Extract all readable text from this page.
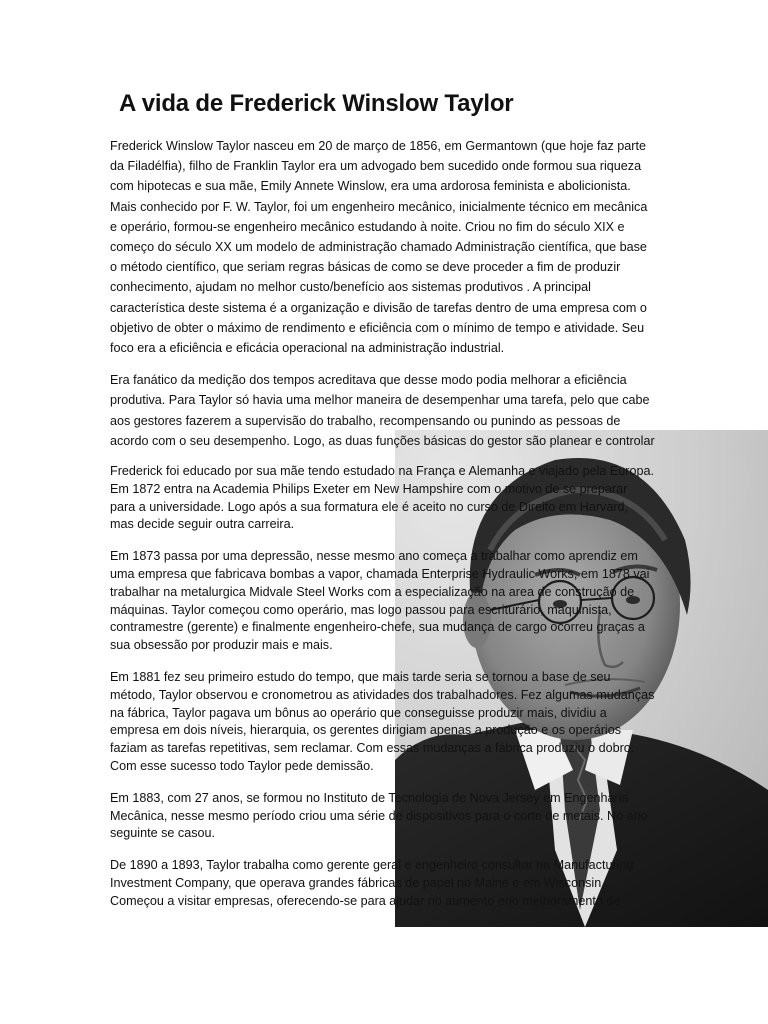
A vida de Frederick Winslow Taylor

Frederick Winslow Taylor nasceu em 20 de março de 1856, em Germantown (que hoje faz parte da Filadélfia), filho de Franklin Taylor era um advogado bem sucedido onde formou sua riqueza com hipotecas e sua mãe, Emily Annete Winslow, era uma ardorosa feminista e abolicionista. Mais conhecido por F. W. Taylor, foi um engenheiro mecânico, inicialmente técnico em mecânica e operário, formou-se engenheiro mecânico estudando à noite. Criou no fim do século XIX e começo do século XX um modelo de administração chamado Administração científica, que base o método científico, que seriam regras básicas de como se deve proceder a fim de produzir conhecimento, ajudam no melhor custo/benefício aos sistemas produtivos . A principal característica deste sistema é a organização e divisão de tarefas dentro de uma empresa com o objetivo de obter o máximo de rendimento e eficiência com o mínimo de tempo e atividade. Seu foco era a eficiência e eficácia operacional na administração industrial.

Era fanático da medição dos tempos acreditava que desse modo podia melhorar a eficiência produtiva. Para Taylor só havia uma melhor maneira de desempenhar uma tarefa, pelo que cabe aos gestores fazerem a supervisão do trabalho, recompensando ou punindo as pessoas de acordo com o seu desempenho. Logo, as duas funções básicas do gestor são planear e controlar

Frederick foi educado por sua mãe tendo estudado na França e Alemanha e viajado pela Europa. Em 1872 entra na Academia Philips Exeter em New Hampshire com o motivo de se preparar para a universidade. Logo após a sua formatura ele é aceito no curso de Direito em Harvard, mas decide seguir outra carreira.

Em 1873 passa por uma depressão, nesse mesmo ano começa a trabalhar como aprendiz em uma empresa que fabricava bombas a vapor, chamada Enterprise Hydraulic Works, em 1878 vai trabalhar na metalurgica Midvale Steel Works com a especialização na area de construção de máquinas. Taylor começou como operário, mas logo passou para escriturário, maquinista, contramestre (gerente) e finalmente engenheiro-chefe, sua mudança de cargo ocorreu graças a sua obsessão por produzir mais e mais.

Em 1881 fez seu primeiro estudo do tempo, que mais tarde seria se tornou a base de seu método, Taylor observou e cronometrou as atividades dos trabalhadores. Fez algumas mudanças na fábrica, Taylor pagava um bônus ao operário que conseguisse produzir mais, dividiu a empresa em dois níveis, hierarquia, os gerentes dirigiam apenas a produção e os operários faziam as tarefas repetitivas, sem reclamar. Com essas mudanças a fábrica produziu o dobro. Com esse sucesso todo Taylor pede demissão.

Em 1883, com 27 anos, se formou no Instituto de Tecnologia de Nova Jersey em Engenharia Mecânica, nesse mesmo período criou uma série de dispositivos para o corte de metais. No ano seguinte se casou.

De 1890 a 1893, Taylor trabalha como gerente geral e engenheiro consultor na Manufacturing Investment Company, que operava grandes fábricas de papel no Maine e em Wisconsin. Começou a visitar empresas, oferecendo-se para ajudar no aumento eno melhoramento de
